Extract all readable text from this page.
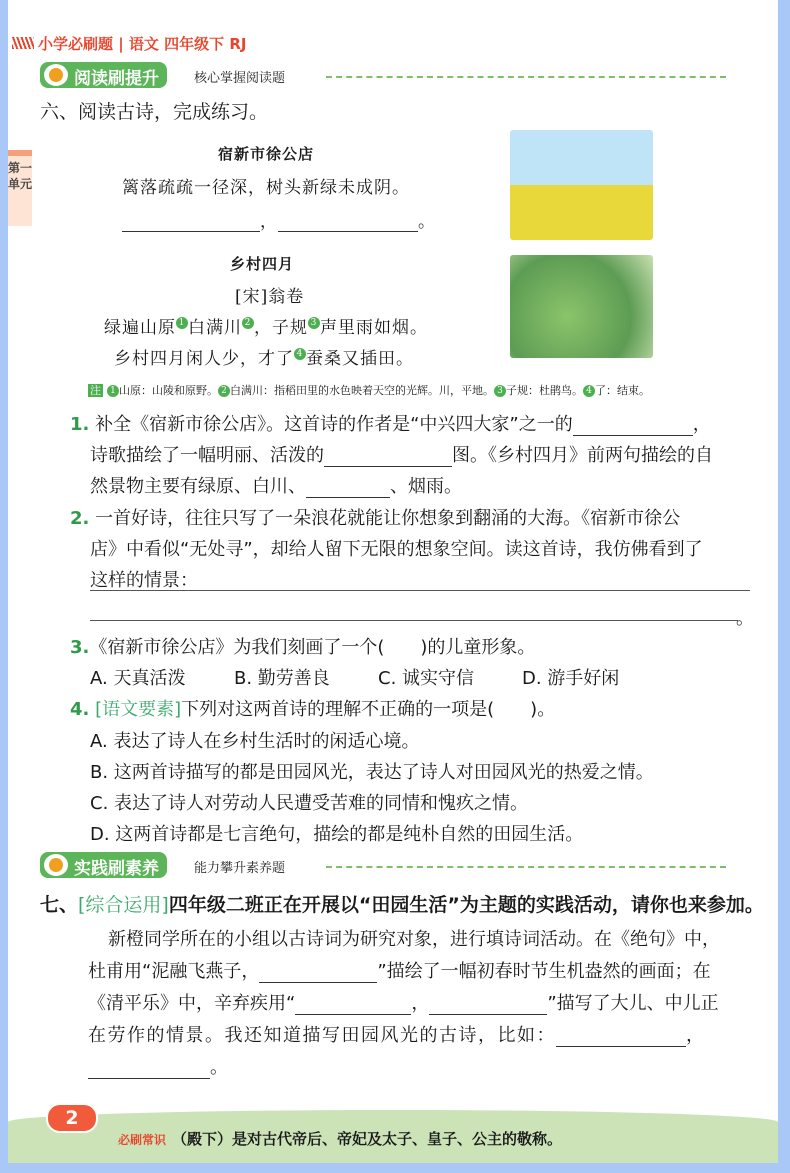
小学必刷题 | 语文 四年级下 RJ
第一单元
阅读刷提升	核心掌握阅读题
六、阅读古诗，完成练习。
宿新市徐公店
篱落疏疏一径深，树头新绿未成阴。
，	。
乡村四月
[宋]翁卷
绿遍山原 1 白满川 2 ，子规 3 声里雨如烟。
乡村四月闲人少，才了 4 蚕桑又插田。
注 1 山原：山陵和原野。 2 白满川：指稻田里的水色映着天空的光辉。川，平地。 3 子规：杜鹃鸟。 4 了：结束。
1. 补全《宿新市徐公店》。这首诗的作者是“中兴四大家”之一的	，
诗歌描绘了一幅明丽、活泼的	图。《乡村四月》前两句描绘的自
然景物主要有绿原、白川、	、烟雨。
2. 一首好诗，往往只写了一朵浪花就能让你想象到翻涌的大海。《宿新市徐公
店》中看似“无处寻”，却给人留下无限的想象空间。读这首诗，我仿佛看到了
这样的情景：
。
3.《宿新市徐公店》为我们刻画了一个(　　)的儿童形象。
A. 天真活泼	B. 勤劳善良	C. 诚实守信	D. 游手好闲
4. [语文要素]下列对这两首诗的理解不正确的一项是(　　)。
A. 表达了诗人在乡村生活时的闲适心境。
B. 这两首诗描写的都是田园风光，表达了诗人对田园风光的热爱之情。
C. 表达了诗人对劳动人民遭受苦难的同情和愧疚之情。
D. 这两首诗都是七言绝句，描绘的都是纯朴自然的田园生活。
实践刷素养	能力攀升素养题
七、[综合运用]四年级二班正在开展以“田园生活”为主题的实践活动，请你也来参加。
新橙同学所在的小组以古诗词为研究对象，进行填诗词活动。在《绝句》中，
杜甫用“泥融飞燕子，	”描绘了一幅初春时节生机盎然的画面；在
《清平乐》中，辛弃疾用“	，	”描写了大儿、中儿正
在劳作的情景。我还知道描写田园风光的古诗，比如：	，
。
2
必刷常识 （殿下）是对古代帝后、帝妃及太子、皇子、公主的敬称。
